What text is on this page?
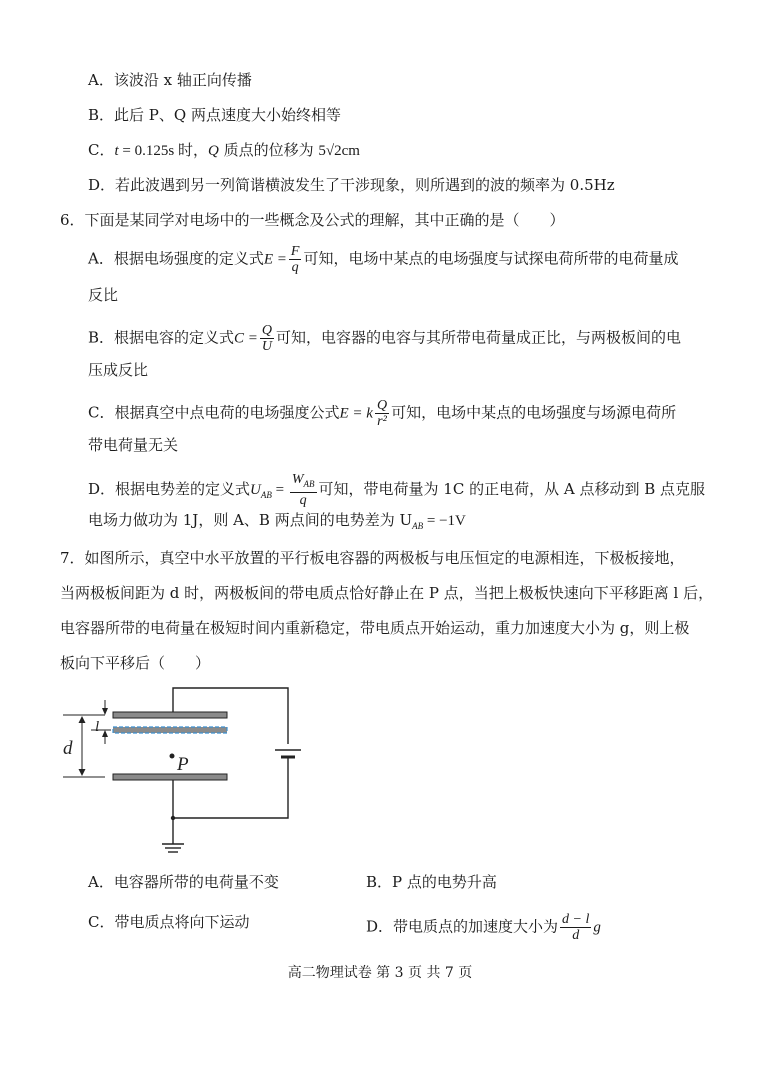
A．该波沿 x 轴正向传播
B．此后 P、Q 两点速度大小始终相等
C．t = 0.125s 时，Q 质点的位移为 5√2cm
D．若此波遇到另一列简谐横波发生了干涉现象，则所遇到的波的频率为 0.5Hz
6．下面是某同学对电场中的一些概念及公式的理解，其中正确的是（　　）
A．根据电场强度的定义式$E = \frac{F}{q}$ 可知，电场中某点的电场强度与试探电荷所带的电荷量成
反比
B．根据电容的定义式$C = \frac{Q}{U}$ 可知，电容器的电容与其所带电荷量成正比，与两极板间的电
压成反比
C．根据真空中点电荷的电场强度公式E = k $\frac{Q}{\text{r²}}$ 可知，电场中某点的电场强度与场源电荷所
带电荷量无关
D．根据电势差的定义式$U_{AB} = \frac{W_{AB}}{q}$ 可知，带电荷量为 1C 的正电荷，从 A 点移动到 B 点克服
电场力做功为 1J，则 A、B 两点间的电势差为 $U_{AB} = -1V$
7．如图所示，真空中水平放置的平行板电容器的两极板与电压恒定的电源相连，下极板接地，
当两极板间距为 d 时，两极板间的带电质点恰好静止在 P 点，当把上极板快速向下平移距离 l 后，
电容器所带的电荷量在极短时间内重新稳定，带电质点开始运动，重力加速度大小为 g，则上极
板向下平移后（　　）
P
d
l
A．电容器所带的电荷量不变	B．P 点的电势升高
C．带电质点将向下运动	D．带电质点的加速度大小为 $\frac{d - l}{d}$ g
高二物理试卷 第 3 页 共 7 页
